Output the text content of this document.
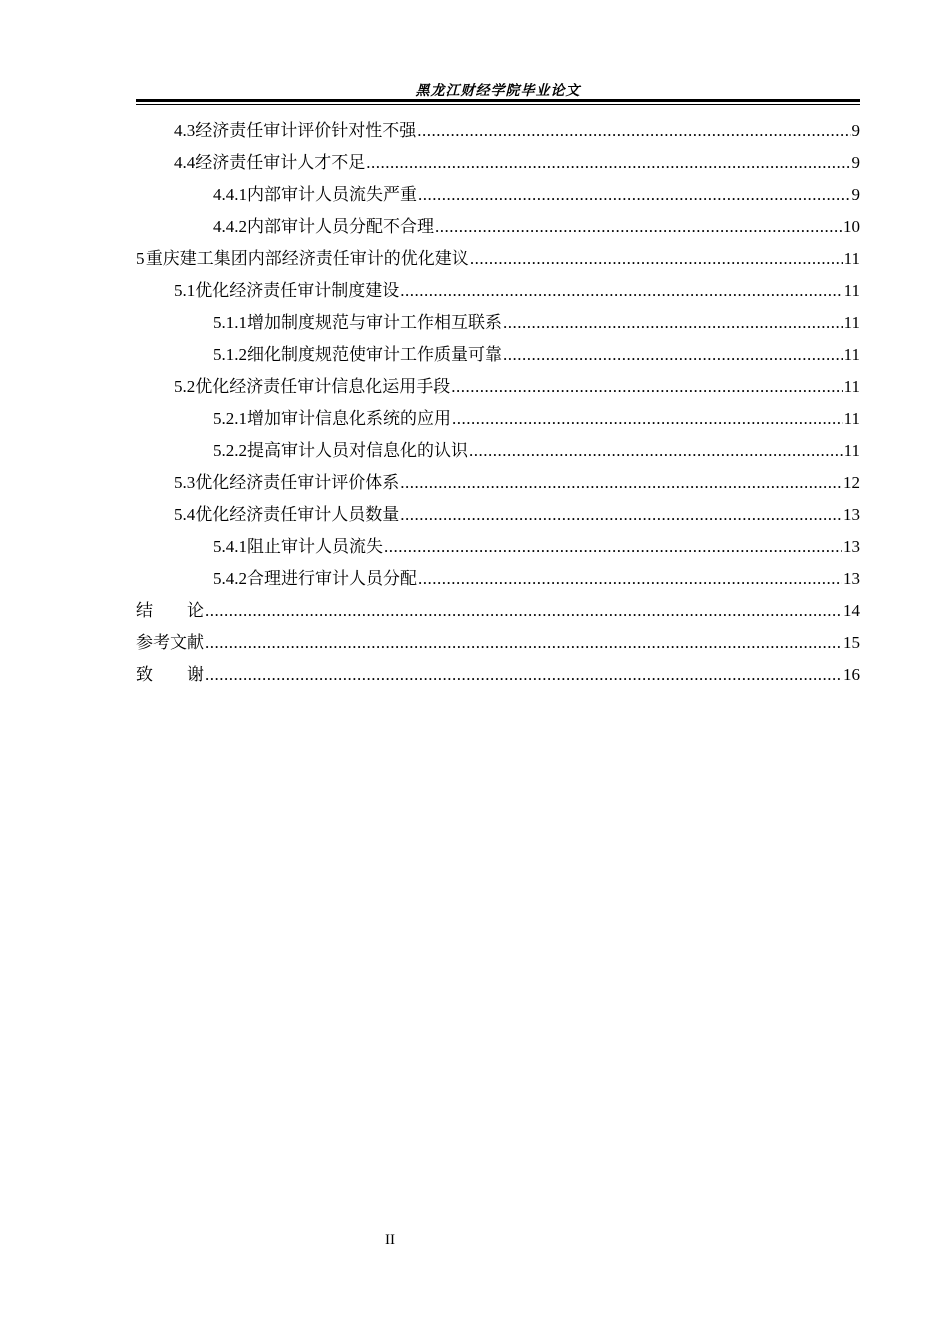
黑龙江财经学院毕业论文
4.3 经济责任审计评价针对性不强 .....	9
4.4 经济责任审计人才不足 .....	9
4.4.1 内部审计人员流失严重 .....	9
4.4.2 内部审计人员分配不合理 .....	10
5 重庆建工集团内部经济责任审计的优化建议 .....	11
5.1 优化经济责任审计制度建设 .....	11
5.1.1 增加制度规范与审计工作相互联系 .....	11
5.1.2 细化制度规范使审计工作质量可靠 .....	11
5.2 优化经济责任审计信息化运用手段 .....	11
5.2.1 增加审计信息化系统的应用 .....	11
5.2.2 提高审计人员对信息化的认识 .....	11
5.3 优化经济责任审计评价体系 .....	12
5.4 优化经济责任审计人员数量 .....	13
5.4.1 阻止审计人员流失 .....	13
5.4.2 合理进行审计人员分配 .....	13
结　　论 .....	14
参考文献 .....	15
致　　谢 .....	16
II
